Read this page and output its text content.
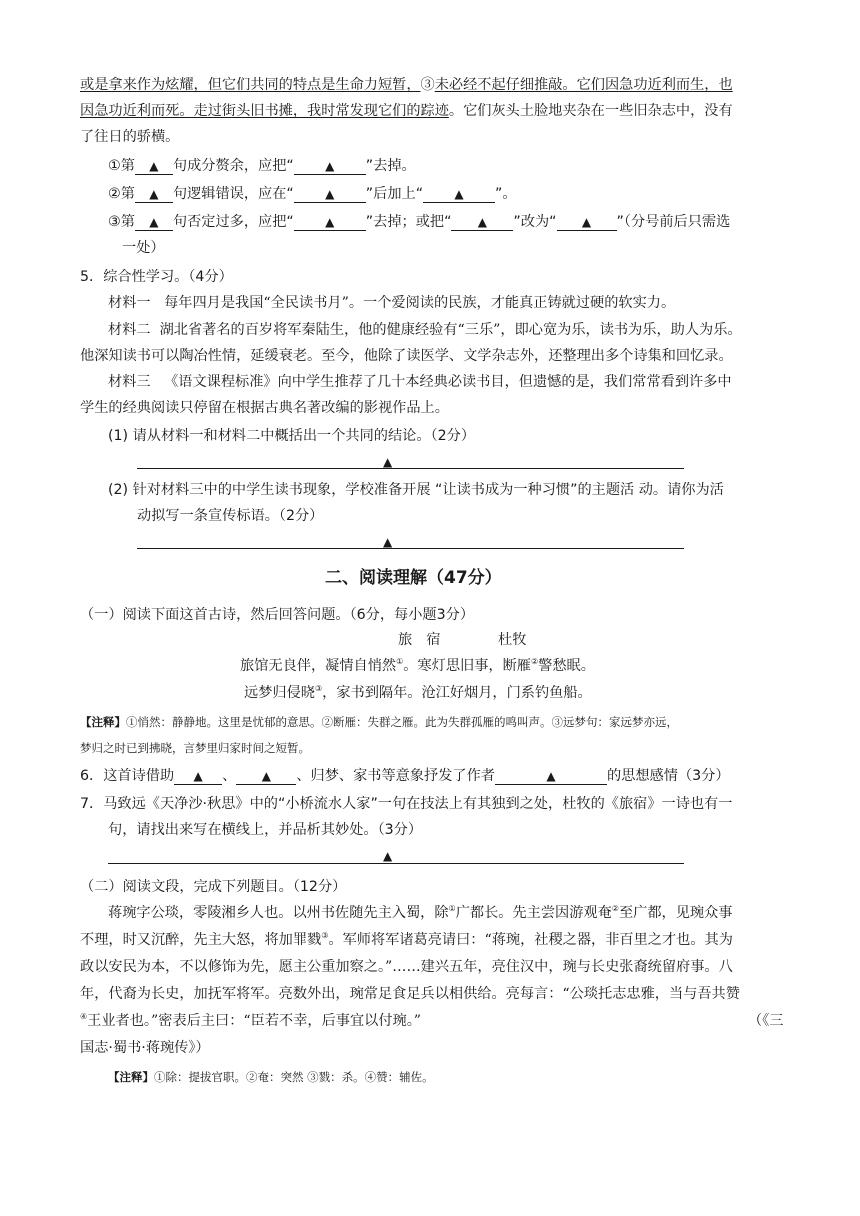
或是拿来作为炫耀，但它们共同的特点是生命力短暂，③未必经不起仔细推敲。它们因急功近利而生，也
因急功近利而死。走过街头旧书摊，我时常发现它们的踪迹。它们灰头土脸地夹杂在一些旧杂志中，没有
了往日的骄横。
①第 ▲ 句成分赘余，应把“	▲ ”去掉。
②第 ▲ 句逻辑错误，应在“	▲ ”后加上“	▲ ”。
③第 ▲ 句否定过多，应把“	▲ ”去掉；或把“ ▲ ”改为“ ▲ ”（分号前后只需选
一处）
5．综合性学习。（4分）
材料一 每年四月是我国“全民读书月”。一个爱阅读的民族，才能真正铸就过硬的软实力。
材料二 湖北省著名的百岁将军秦陆生，他的健康经验有“三乐”，即心宽为乐，读书为乐，助人为乐。
他深知读书可以陶冶性情，延缓衰老。至今，他除了读医学、文学杂志外，还整理出多个诗集和回忆录。
材料三 《语文课程标准》向中学生推荐了几十本经典必读书目，但遗憾的是，我们常常看到许多中
学生的经典阅读只停留在根据古典名著改编的影视作品上。
(1) 请从材料一和材料二中概括出一个共同的结论。（2分）
▲
(2) 针对材料三中的中学生读书现象，学校准备开展 “让读书成为一种习惯”的主题活 动。请你为活
动拟写一条宣传标语。（2分）
▲
二、阅读理解（47分）
（一）阅读下面这首古诗，然后回答问题。（6分，每小题3分）
旅　宿	杜牧
旅馆无良伴，凝情自悄然①。寒灯思旧事，断雁②警愁眠。
远梦归侵晓③，家书到隔年。沧江好烟月，门系钓鱼船。
【注释】①悄然：静静地。这里是忧郁的意思。②断雁：失群之雁。此为失群孤雁的鸣叫声。③远梦句：家远梦亦远，
梦归之时已到拂晓，言梦里归家时间之短暂。
6．这首诗借助 ▲ 、 ▲ 、归梦、家书等意象抒发了作者	▲	的思想感情（3分）
7．马致远《天净沙·秋思》中的“小桥流水人家”一句在技法上有其独到之处，杜牧的《旅宿》一诗也有一
句，请找出来写在横线上，并品析其妙处。（3分）
▲
（二）阅读文段，完成下列题目。（12分）
蒋琬字公琰，零陵湘乡人也。以州书佐随先主入蜀，除①广都长。先主尝因游观奄②至广都，见琬众事
不理，时又沉醉，先主大怒，将加罪戮③。军师将军诸葛亮请曰：“蒋琬，社稷之器，非百里之才也。其为
政以安民为本，不以修饰为先，愿主公重加察之。”……建兴五年，亮住汉中，琬与长史张裔统留府事。八
年，代裔为长史，加抚军将军。亮数外出，琬常足食足兵以相供给。亮每言：“公琰托志忠雅，当与吾共赞
④王业者也。”密表后主曰：“臣若不幸，后事宜以付琬。”	（《三
国志·蜀书·蒋琬传》）
【注释】①除：提拔官职。②奄：突然 ③戮：杀。④赞：辅佐。
